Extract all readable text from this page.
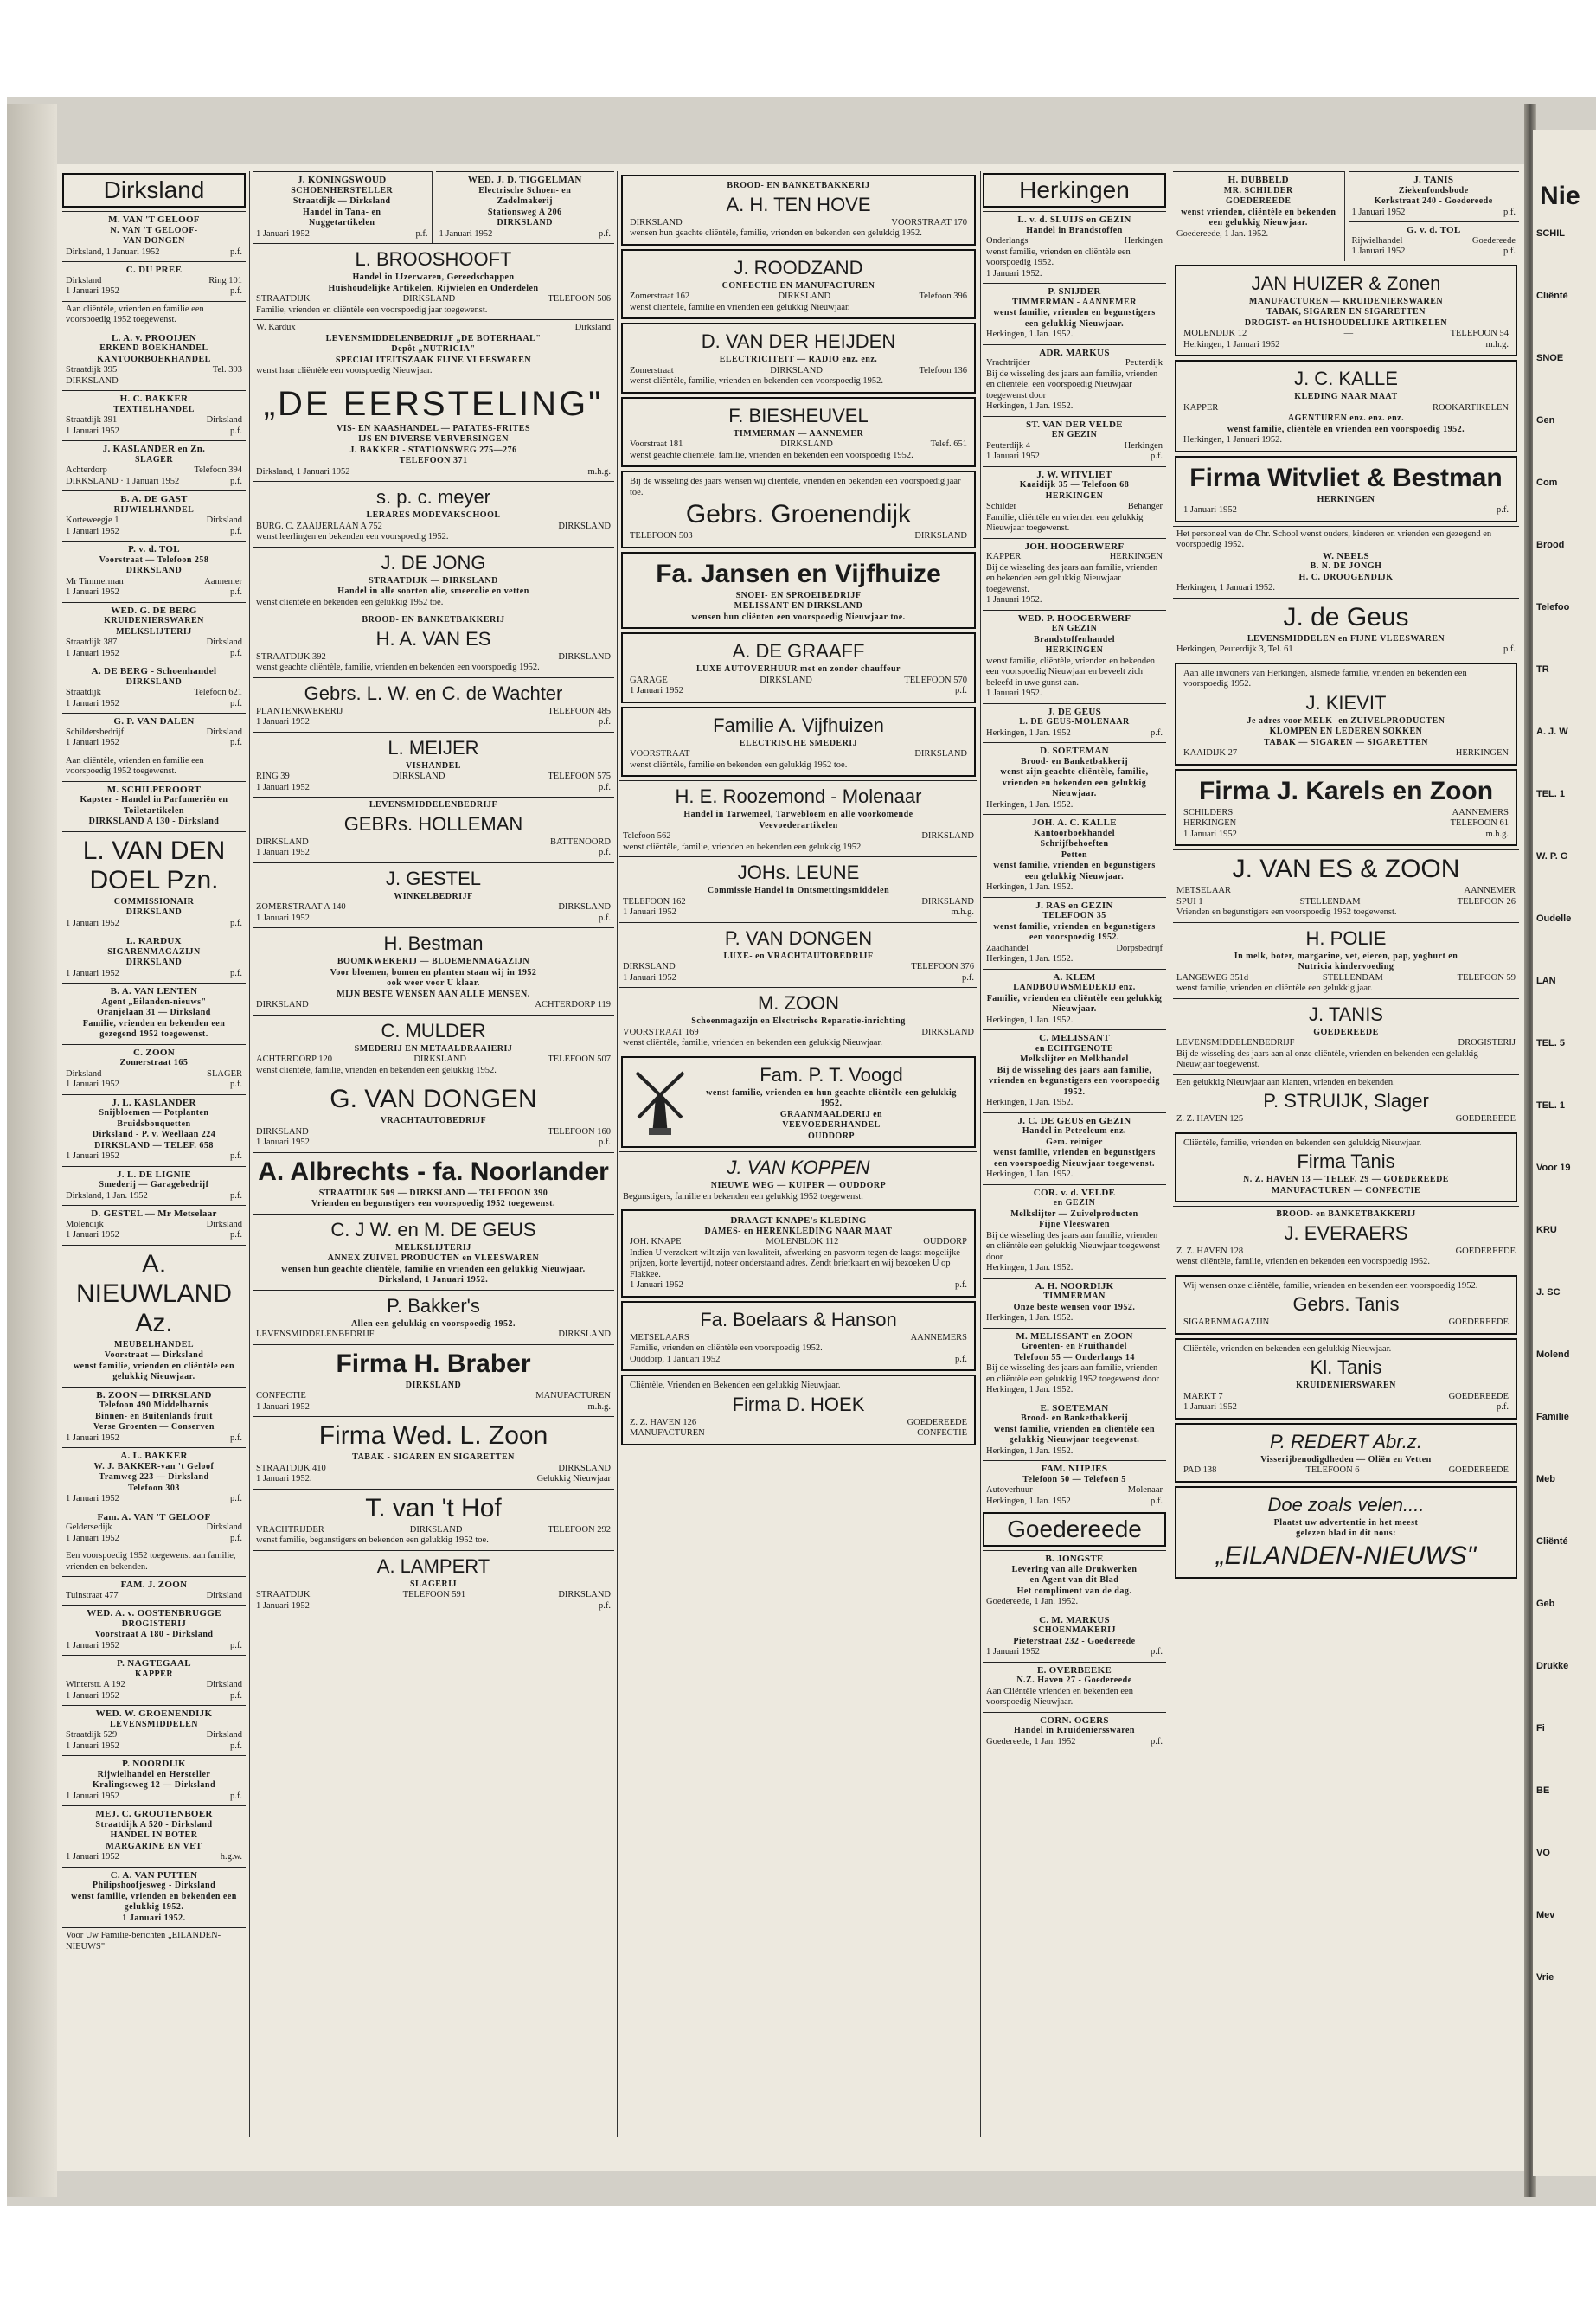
Nie
SCHIL
Cliëntè
SNOE
Gen
Com
Brood
Telefoo
TR
A. J. W
TEL. 1
W. P. G
Oudelle
LAN
TEL. 5
TEL. 1
Voor 19
KRU
J. SC
Molend
Familie
Meb
Cliënté
Geb
Drukke
Fi
BE
VO
Mev
Vrie
Dirksland
M. VAN 'T GELOOF
N. VAN 'T GELOOF-
VAN DONGEN
Dirksland, 1 Januari 1952	p.f.
C. DU PREE
Dirksland	Ring 101
1 Januari 1952	p.f.
Aan cliëntèle, vrienden en familie een voorspoedig 1952 toegewenst.
L. A. v. PROOIJEN
ERKEND BOEKHANDEL
KANTOORBOEKHANDEL
Straatdijk 395	Tel. 393
DIRKSLAND
H. C. BAKKER
TEXTIELHANDEL
Straatdijk 391	Dirksland
1 Januari 1952	p.f.
J. KASLANDER en Zn.
SLAGER
Achterdorp	Telefoon 394
DIRKSLAND · 1 Januari 1952	p.f.
B. A. DE GAST
RIJWIELHANDEL
Korteweegje 1	Dirksland
1 Januari 1952	p.f.
P. v. d. TOL
Voorstraat — Telefoon 258
DIRKSLAND
Mr Timmerman	Aannemer
1 Januari 1952	p.f.
WED. G. DE BERG
KRUIDENIERSWAREN
MELKSLIJTERIJ
Straatdijk 387	Dirksland
1 Januari 1952	p.f.
A. DE BERG - Schoenhandel
DIRKSLAND
Straatdijk	Telefoon 621
1 Januari 1952	p.f.
G. P. VAN DALEN
Schildersbedrijf	Dirksland
1 Januari 1952	p.f.
Aan cliëntèle, vrienden en familie een voorspoedig 1952 toegewenst.
M. SCHILPEROORT
Kapster - Handel in Parfumeriën en Toiletartikelen
DIRKSLAND A 130 - Dirksland
L. VAN DEN DOEL Pzn.
COMMISSIONAIR
DIRKSLAND
1 Januari 1952	p.f.
L. KARDUX
SIGARENMAGAZIJN
DIRKSLAND
1 Januari 1952	p.f.
B. A. VAN LENTEN
Agent „Eilanden-nieuws"
Oranjelaan 31 — Dirksland
Familie, vrienden en bekenden een gezegend 1952 toegewenst.
C. ZOON
Zomerstraat 165
Dirksland	SLAGER
1 Januari 1952	p.f.
J. L. KASLANDER
Snijbloemen — Potplanten
Bruidsbouquetten
Dirksland - P. v. Weellaan 224
DIRKSLAND — TELEF. 658
1 Januari 1952	p.f.
J. L. DE LIGNIE
Smederij — Garagebedrijf
Dirksland, 1 Jan. 1952	p.f.
D. GESTEL — Mr Metselaar
Molendijk	Dirksland
1 Januari 1952	p.f.
A. NIEUWLAND Az.
MEUBELHANDEL
Voorstraat — Dirksland
wenst familie, vrienden en cliëntèle een gelukkig Nieuwjaar.
B. ZOON — DIRKSLAND
Telefoon 490 Middelharnis
Binnen- en Buitenlands fruit
Verse Groenten — Conserven
1 Januari 1952	p.f.
A. L. BAKKER
W. J. BAKKER-van 't Geloof
Tramweg 223 — Dirksland
Telefoon 303
1 Januari 1952	p.f.
Fam. A. VAN 'T GELOOF
Geldersedijk	Dirksland
1 Januari 1952	p.f.
Een voorspoedig 1952 toegewenst aan familie, vrienden en bekenden.
FAM. J. ZOON
Tuinstraat 477	Dirksland
WED. A. v. OOSTENBRUGGE
DROGISTERIJ
Voorstraat A 180 - Dirksland
1 Januari 1952	p.f.
P. NAGTEGAAL
KAPPER
Winterstr. A 192	Dirksland
1 Januari 1952	p.f.
WED. W. GROENENDIJK
LEVENSMIDDELEN
Straatdijk 529	Dirksland
1 Januari 1952	p.f.
P. NOORDIJK
Rijwielhandel en Hersteller
Kralingseweg 12 — Dirksland
1 Januari 1952	p.f.
MEJ. C. GROOTENBOER
Straatdijk A 520 - Dirksland
HANDEL IN BOTER
MARGARINE EN VET
1 Januari 1952	h.g.w.
C. A. VAN PUTTEN
Philipshoofjesweg - Dirksland
wenst familie, vrienden en bekenden een gelukkig 1952.
1 Januari 1952.
Voor Uw Familie-berichten „EILANDEN-NIEUWS"
J. KONINGSWOUD
SCHOENHERSTELLER
Straatdijk — Dirksland
Handel in Tana- en
Nuggetartikelen
1 Januari 1952	p.f.
WED. J. D. TIGGELMAN
Electrische Schoen- en
Zadelmakerij
Stationsweg A 206
DIRKSLAND
1 Januari 1952	p.f.
L. BROOSHOOFT
Handel in IJzerwaren, Gereedschappen
Huishoudelijke Artikelen, Rijwielen en Onderdelen
STRAATDIJK	DIRKSLAND	TELEFOON 506
Familie, vrienden en cliëntèle een voorspoedig jaar toegewenst.
W. Kardux	Dirksland
LEVENSMIDDELENBEDRIJF „DE BOTERHAAL"
Depôt „NUTRICIA"
SPECIALITEITSZAAK FIJNE VLEESWAREN
wenst haar cliëntèle een voorspoedig Nieuwjaar.
„DE EERSTELING"
VIS- EN KAASHANDEL — PATATES-FRITES
IJS EN DIVERSE VERVERSINGEN
J. BAKKER - STATIONSWEG 275—276
TELEFOON 371
Dirksland, 1 Januari 1952	m.h.g.
s. p. c. meyer
LERARES MODEVAKSCHOOL
BURG. C. ZAAIJERLAAN A 752	DIRKSLAND
wenst leerlingen en bekenden een voorspoedig 1952.
J. DE JONG
STRAATDIJK — DIRKSLAND
Handel in alle soorten olie, smeerolie en vetten
wenst cliëntèle en bekenden een gelukkig 1952 toe.
BROOD- EN BANKETBAKKERIJ
H. A. VAN ES
STRAATDIJK 392	DIRKSLAND
wenst geachte cliëntèle, familie, vrienden en bekenden een voorspoedig 1952.
Gebrs. L. W. en C. de Wachter
PLANTENKWEKERIJ	TELEFOON 485
1 Januari 1952	p.f.
L. MEIJER
VISHANDEL
RING 39	DIRKSLAND	TELEFOON 575
1 Januari 1952	p.f.
LEVENSMIDDELENBEDRIJF
GEBRs. HOLLEMAN
DIRKSLAND	BATTENOORD
1 Januari 1952	p.f.
J. GESTEL
WINKELBEDRIJF
ZOMERSTRAAT A 140	DIRKSLAND
1 Januari 1952	p.f.
H. Bestman
BOOMKWEKERIJ — BLOEMENMAGAZIJN
Voor bloemen, bomen en planten staan wij in 1952
ook weer voor U klaar.
MIJN BESTE WENSEN AAN ALLE MENSEN.
DIRKSLAND	ACHTERDORP 119
C. MULDER
SMEDERIJ EN METAALDRAAIERIJ
ACHTERDORP 120	DIRKSLAND	TELEFOON 507
wenst cliëntèle, familie, vrienden en bekenden een gelukkig 1952.
G. VAN DONGEN
VRACHTAUTOBEDRIJF
DIRKSLAND	TELEFOON 160
1 Januari 1952	p.f.
A. Albrechts - fa. Noorlander
STRAATDIJK 509 — DIRKSLAND — TELEFOON 390
Vrienden en begunstigers een voorspoedig 1952 toegewenst.
C. J W. en M. DE GEUS
MELKSLIJTERIJ
ANNEX ZUIVEL PRODUCTEN en VLEESWAREN
wensen hun geachte cliëntèle, familie en vrienden een gelukkig Nieuwjaar.
Dirksland, 1 Januari 1952.
P. Bakker's
Allen een gelukkig en voorspoedig 1952.
LEVENSMIDDELENBEDRIJF	DIRKSLAND
Firma H. Braber
DIRKSLAND
CONFECTIE	MANUFACTUREN
1 Januari 1952	m.h.g.
Firma Wed. L. Zoon
TABAK - SIGAREN EN SIGARETTEN
STRAATDIJK 410	DIRKSLAND
1 Januari 1952.	Gelukkig Nieuwjaar
T. van 't Hof
VRACHTRIJDER	DIRKSLAND	TELEFOON 292
wenst familie, begunstigers en bekenden een gelukkig 1952 toe.
A. LAMPERT
SLAGERIJ
STRAATDIJK	TELEFOON 591	DIRKSLAND
1 Januari 1952	p.f.
BROOD- EN BANKETBAKKERIJ
A. H. TEN HOVE
DIRKSLAND	VOORSTRAAT 170
wensen hun geachte cliëntèle, familie, vrienden en bekenden een gelukkig 1952.
J. ROODZAND
CONFECTIE EN MANUFACTUREN
Zomerstraat 162	DIRKSLAND	Telefoon 396
wenst cliëntèle, familie en vrienden een gelukkig Nieuwjaar.
D. VAN DER HEIJDEN
ELECTRICITEIT — RADIO enz. enz.
Zomerstraat	DIRKSLAND	Telefoon 136
wenst cliëntèle, familie, vrienden en bekenden een voorspoedig 1952.
F. BIESHEUVEL
TIMMERMAN — AANNEMER
Voorstraat 181	DIRKSLAND	Telef. 651
wenst geachte cliëntèle, familie, vrienden en bekenden een voorspoedig 1952.
Bij de wisseling des jaars wensen wij cliëntèle, vrienden en bekenden een voorspoedig jaar toe.
Gebrs. Groenendijk
TELEFOON 503	DIRKSLAND
Fa. Jansen en Vijfhuize
SNOEI- EN SPROEIBEDRIJF
MELISSANT EN DIRKSLAND
wensen hun cliënten een voorspoedig Nieuwjaar toe.
A. DE GRAAFF
LUXE AUTOVERHUUR met en zonder chauffeur
GARAGE	DIRKSLAND	TELEFOON 570
1 Januari 1952	p.f.
Familie A. Vijfhuizen
ELECTRISCHE SMEDERIJ
VOORSTRAAT	DIRKSLAND
wenst cliëntèle, familie en bekenden een gelukkig 1952 toe.
H. E. Roozemond - Molenaar
Handel in Tarwemeel, Tarwebloem en alle voorkomende
Veevoederartikelen
Telefoon 562	DIRKSLAND
wenst cliëntèle, familie, vrienden en bekenden een gelukkig 1952.
JOHs. LEUNE
Commissie Handel in Ontsmettingsmiddelen
TELEFOON 162	DIRKSLAND
1 Januari 1952	m.h.g.
P. VAN DONGEN
LUXE- en VRACHTAUTOBEDRIJF
DIRKSLAND	TELEFOON 376
1 Januari 1952	p.f.
M. ZOON
Schoenmagazijn en Electrische Reparatie-inrichting
VOORSTRAAT 169	DIRKSLAND
wenst cliëntèle, familie, vrienden en bekenden een gelukkig Nieuwjaar.
Fam. P. T. Voogd
wenst familie, vrienden en hun geachte cliëntèle een gelukkig 1952.
GRAANMAALDERIJ en
VEEVOEDERHANDEL
OUDDORP
J. VAN KOPPEN
NIEUWE WEG — KUIPER — OUDDORP
Begunstigers, familie en bekenden een gelukkig 1952 toegewenst.
DRAAGT KNAPE's KLEDING
DAMES- en HERENKLEDING NAAR MAAT
JOH. KNAPE	MOLENBLOK 112	OUDDORP
Indien U verzekert wilt zijn van kwaliteit, afwerking en pasvorm tegen de laagst mogelijke prijzen, korte levertijd, noteer onderstaand adres. Zendt briefkaart en wij bezoeken U op Flakkee.
1 Januari 1952	p.f.
Fa. Boelaars & Hanson
METSELAARS	AANNEMERS
Familie, vrienden en cliëntèle een voorspoedig 1952.
Ouddorp, 1 Januari 1952	p.f.
Cliëntèle, Vrienden en Bekenden een gelukkig Nieuwjaar.
Firma D. HOEK
Z. Z. HAVEN 126	GOEDEREEDE
MANUFACTUREN	—	CONFECTIE
Herkingen
L. v. d. SLUIJS en GEZIN
Handel in Brandstoffen
Onderlangs	Herkingen
wenst familie, vrienden en cliëntèle een voorspoedig 1952.
1 Januari 1952.
P. SNIJDER
TIMMERMAN - AANNEMER
wenst familie, vrienden en begunstigers een gelukkig Nieuwjaar.
Herkingen, 1 Jan. 1952.
ADR. MARKUS
Vrachtrijder	Peuterdijk
Bij de wisseling des jaars aan familie, vrienden en cliëntèle, een voorspoedig Nieuwjaar toegewenst door
Herkingen, 1 Jan. 1952.
ST. VAN DER VELDE
EN GEZIN
Peuterdijk 4	Herkingen
1 Januari 1952	p.f.
J. W. WITVLIET
Kaaidijk 35 — Telefoon 68
HERKINGEN
Schilder	Behanger
Familie, cliëntèle en vrienden een gelukkig Nieuwjaar toegewenst.
JOH. HOOGERWERF
KAPPER	HERKINGEN
Bij de wisseling des jaars aan familie, vrienden en bekenden een gelukkig Nieuwjaar toegewenst.
1 Januari 1952.
WED. P. HOOGERWERF
EN GEZIN
Brandstoffenhandel
HERKINGEN
wenst familie, cliëntèle, vrienden en bekenden een voorspoedig Nieuwjaar en beveelt zich beleefd in uwe gunst aan.
1 Januari 1952.
J. DE GEUS
L. DE GEUS-MOLENAAR
Herkingen, 1 Jan. 1952	p.f.
D. SOETEMAN
Brood- en Banketbakkerij
wenst zijn geachte cliëntèle, familie, vrienden en bekenden een gelukkig Nieuwjaar.
Herkingen, 1 Jan. 1952.
JOH. A. C. KALLE
Kantoorboekhandel
Schrijfbehoeften
Petten
wenst familie, vrienden en begunstigers een gelukkig Nieuwjaar.
Herkingen, 1 Jan. 1952.
J. RAS en GEZIN
TELEFOON 35
wenst familie, vrienden en begunstigers een voorspoedig 1952.
Zaadhandel	Dorpsbedrijf
Herkingen, 1 Jan. 1952.
A. KLEM
LANDBOUWSMEDERIJ enz.
Familie, vrienden en cliëntèle een gelukkig Nieuwjaar.
Herkingen, 1 Jan. 1952.
C. MELISSANT
en ECHTGENOTE
Melkslijter en Melkhandel
Bij de wisseling des jaars aan familie, vrienden en begunstigers een voorspoedig 1952.
Herkingen, 1 Jan. 1952.
J. C. DE GEUS en GEZIN
Handel in Petroleum enz.
Gem. reiniger
wenst familie, vrienden en begunstigers een voorspoedig Nieuwjaar toegewenst.
Herkingen, 1 Jan. 1952.
COR. v. d. VELDE
en GEZIN
Melkslijter — Zuivelproducten
Fijne Vleeswaren
Bij de wisseling des jaars aan familie, vrienden en cliëntèle een gelukkig Nieuwjaar toegewenst door
Herkingen, 1 Jan. 1952.
A. H. NOORDIJK
TIMMERMAN
Onze beste wensen voor 1952.
Herkingen, 1 Jan. 1952.
M. MELISSANT en ZOON
Groenten- en Fruithandel
Telefoon 55 — Onderlangs 14
Bij de wisseling des jaars aan familie, vrienden en cliëntèle een gelukkig 1952 toegewenst door
Herkingen, 1 Jan. 1952.
E. SOETEMAN
Brood- en Banketbakkerij
wenst familie, vrienden en cliëntèle een gelukkig Nieuwjaar toegewenst.
Herkingen, 1 Jan. 1952.
FAM. NIJPJES
Telefoon 50 — Telefoon 5
Autoverhuur	Molenaar
Herkingen, 1 Jan. 1952	p.f.
Goedereede
B. JONGSTE
Levering van alle Drukwerken
en Agent van dit Blad
Het compliment van de dag.
Goedereede, 1 Jan. 1952.
C. M. MARKUS
SCHOENMAKERIJ
Pieterstraat 232 - Goedereede
1 Januari 1952	p.f.
E. OVERBEEKE
N.Z. Haven 27 - Goedereede
Aan Cliëntèle vrienden en bekenden een voorspoedig Nieuwjaar.
CORN. OGERS
Handel in Kruideniersswaren
Goedereede, 1 Jan. 1952	p.f.
H. DUBBELD
MR. SCHILDER
GOEDEREEDE
wenst vrienden, cliëntèle en bekenden een gelukkig Nieuwjaar.
Goedereede, 1 Jan. 1952.
J. TANIS
Ziekenfondsbode
Kerkstraat 240 - Goedereede
1 Januari 1952	p.f.
G. v. d. TOL
Rijwielhandel	Goedereede
1 Januari 1952	p.f.
JAN HUIZER & Zonen
MANUFACTUREN — KRUIDENIERSWAREN
TABAK, SIGAREN EN SIGARETTEN
DROGIST- en HUISHOUDELIJKE ARTIKELEN
MOLENDIJK 12	—	TELEFOON 54
Herkingen, 1 Januari 1952	m.h.g.
J. C. KALLE
KLEDING NAAR MAAT
KAPPER	ROOKARTIKELEN
AGENTUREN enz. enz. enz.
wenst familie, cliëntèle en vrienden een voorspoedig 1952.
Herkingen, 1 Januari 1952.
Firma Witvliet & Bestman
HERKINGEN
1 Januari 1952	p.f.
Het personeel van de Chr. School wenst ouders, kinderen en vrienden een gezegend en voorspoedig 1952.
W. NEELS
B. N. DE JONGH
H. C. DROOGENDIJK
Herkingen, 1 Januari 1952.
J. de Geus
LEVENSMIDDELEN en FIJNE VLEESWAREN
Herkingen, Peuterdijk 3, Tel. 61	p.f.
Aan alle inwoners van Herkingen, alsmede familie, vrienden en bekenden een voorspoedig 1952.
J. KIEVIT
Je adres voor MELK- en ZUIVELPRODUCTEN
KLOMPEN EN LEDEREN SOKKEN
TABAK — SIGAREN — SIGARETTEN
KAAIDIJK 27	HERKINGEN
Firma J. Karels en Zoon
SCHILDERS	AANNEMERS
HERKINGEN	TELEFOON 61
1 Januari 1952	m.h.g.
J. VAN ES & ZOON
METSELAAR	AANNEMER
SPUI 1	STELLENDAM	TELEFOON 26
Vrienden en begunstigers een voorspoedig 1952 toegewenst.
H. POLIE
In melk, boter, margarine, vet, eieren, pap, yoghurt en
Nutricia kindervoeding
LANGEWEG 351d	STELLENDAM	TELEFOON 59
wenst familie, vrienden en cliëntèle een gelukkig jaar.
J. TANIS
GOEDEREEDE
LEVENSMIDDELENBEDRIJF	DROGISTERIJ
Bij de wisseling des jaars aan al onze cliëntèle, vrienden en bekenden een gelukkig Nieuwjaar toegewenst.
Een gelukkig Nieuwjaar aan klanten, vrienden en bekenden.
P. STRUIJK, Slager
Z. Z. HAVEN 125	GOEDEREEDE
Cliëntèle, familie, vrienden en bekenden een gelukkig Nieuwjaar.
Firma Tanis
N. Z. HAVEN 13 — TELEF. 29 — GOEDEREEDE
MANUFACTUREN — CONFECTIE
BROOD- en BANKETBAKKERIJ
J. EVERAERS
Z. Z. HAVEN 128	GOEDEREEDE
wenst cliëntèle, familie, vrienden en bekenden een voorspoedig 1952.
Wij wensen onze cliëntèle, familie, vrienden en bekenden een voorspoedig 1952.
Gebrs. Tanis
SIGARENMAGAZIJN	GOEDEREEDE
Cliëntèle, vrienden en bekenden een gelukkig Nieuwjaar.
Kl. Tanis
KRUIDENIERSWAREN
MARKT 7	GOEDEREEDE
1 Januari 1952	p.f.
P. REDERT Abr.z.
Visserijbenodigdheden — Oliën en Vetten
PAD 138	TELEFOON 6	GOEDEREEDE
Doe zoals velen....
Plaatst uw advertentie in het meest
gelezen blad in dit nous:
„EILANDEN-NIEUWS"
